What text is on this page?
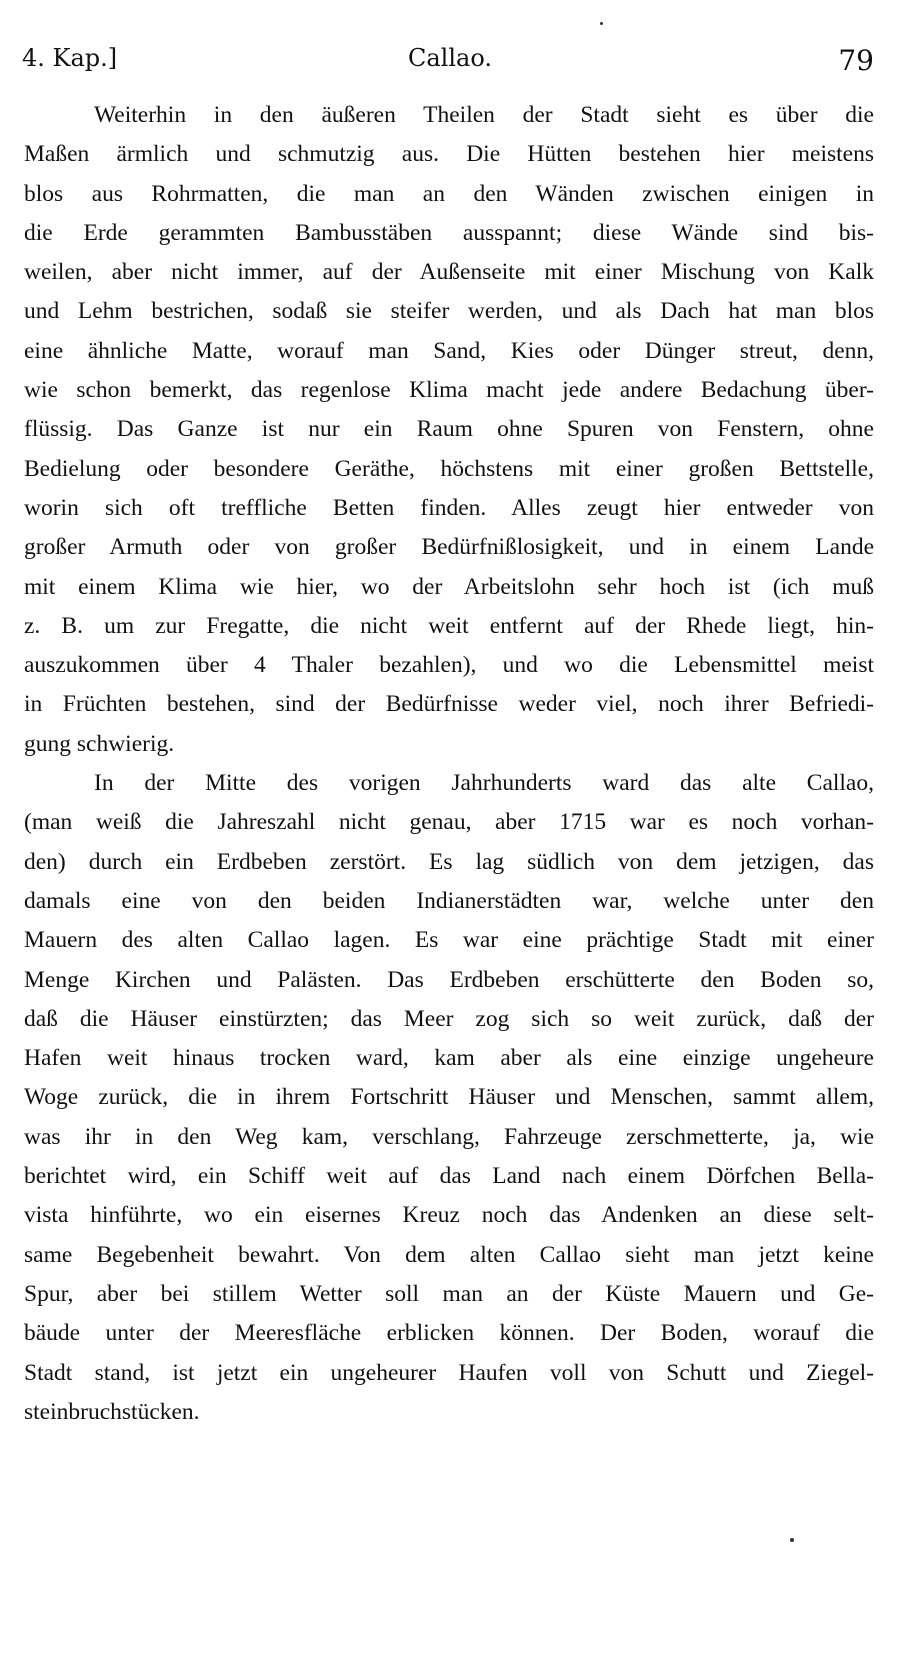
4. Kap.]	Callao.	79
Weiterhin in den äußeren Theilen der Stadt sieht es über die
Maßen ärmlich und schmutzig aus. Die Hütten bestehen hier meistens
blos aus Rohrmatten, die man an den Wänden zwischen einigen in
die Erde gerammten Bambusstäben ausspannt; diese Wände sind bis-
weilen, aber nicht immer, auf der Außenseite mit einer Mischung von Kalk
und Lehm bestrichen, sodaß sie steifer werden, und als Dach hat man blos
eine ähnliche Matte, worauf man Sand, Kies oder Dünger streut, denn,
wie schon bemerkt, das regenlose Klima macht jede andere Bedachung über-
flüssig. Das Ganze ist nur ein Raum ohne Spuren von Fenstern, ohne
Bedielung oder besondere Geräthe, höchstens mit einer großen Bettstelle,
worin sich oft treffliche Betten finden. Alles zeugt hier entweder von
großer Armuth oder von großer Bedürfnißlosigkeit, und in einem Lande
mit einem Klima wie hier, wo der Arbeitslohn sehr hoch ist (ich muß
z. B. um zur Fregatte, die nicht weit entfernt auf der Rhede liegt, hin-
auszukommen über 4 Thaler bezahlen), und wo die Lebensmittel meist
in Früchten bestehen, sind der Bedürfnisse weder viel, noch ihrer Befriedi-
gung schwierig.
In der Mitte des vorigen Jahrhunderts ward das alte Callao,
(man weiß die Jahreszahl nicht genau, aber 1715 war es noch vorhan-
den) durch ein Erdbeben zerstört. Es lag südlich von dem jetzigen, das
damals eine von den beiden Indianerstädten war, welche unter den
Mauern des alten Callao lagen. Es war eine prächtige Stadt mit einer
Menge Kirchen und Palästen. Das Erdbeben erschütterte den Boden so,
daß die Häuser einstürzten; das Meer zog sich so weit zurück, daß der
Hafen weit hinaus trocken ward, kam aber als eine einzige ungeheure
Woge zurück, die in ihrem Fortschritt Häuser und Menschen, sammt allem,
was ihr in den Weg kam, verschlang, Fahrzeuge zerschmetterte, ja, wie
berichtet wird, ein Schiff weit auf das Land nach einem Dörfchen Bella-
vista hinführte, wo ein eisernes Kreuz noch das Andenken an diese selt-
same Begebenheit bewahrt. Von dem alten Callao sieht man jetzt keine
Spur, aber bei stillem Wetter soll man an der Küste Mauern und Ge-
bäude unter der Meeresfläche erblicken können. Der Boden, worauf die
Stadt stand, ist jetzt ein ungeheurer Haufen voll von Schutt und Ziegel-
steinbruchstücken.
